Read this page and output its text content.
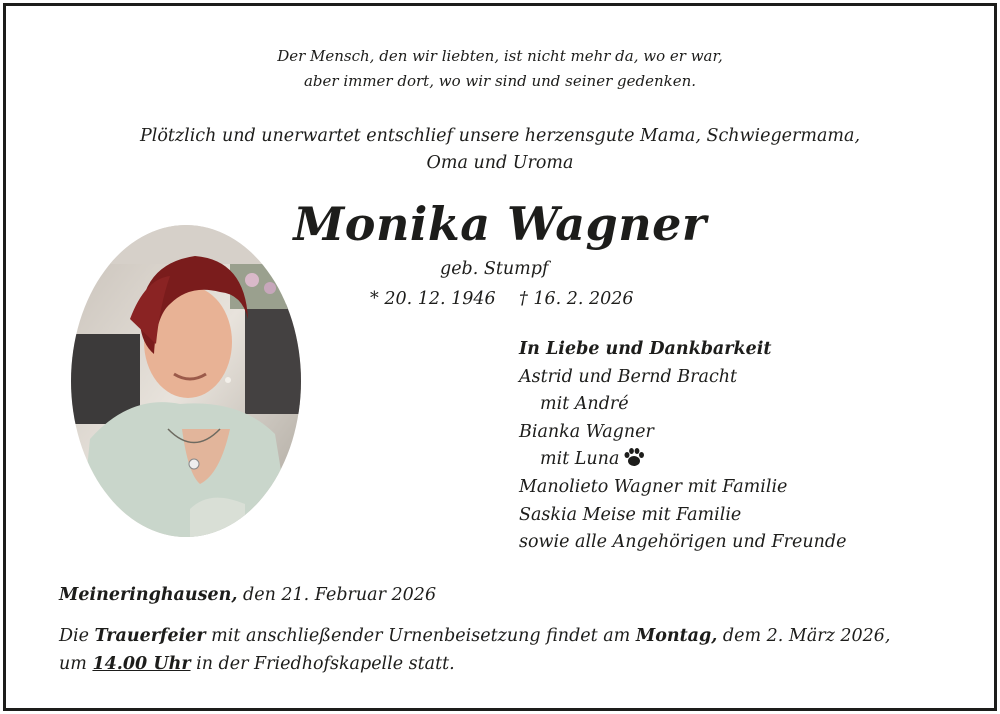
Der Mensch, den wir liebten, ist nicht mehr da, wo er war,
aber immer dort, wo wir sind und seiner gedenken.
Plötzlich und unerwartet entschlief unsere herzensgute Mama, Schwiegermama,
Oma und Uroma
Monika Wagner
geb. Stumpf
* 20. 12. 1946 † 16. 2. 2026
In Liebe und Dankbarkeit
Astrid und Bernd Bracht
mit André
Bianka Wagner
mit Luna
Manolieto Wagner mit Familie
Saskia Meise mit Familie
sowie alle Angehörigen und Freunde
Meineringhausen, den 21. Februar 2026
Die Trauerfeier mit anschließender Urnenbeisetzung findet am Montag, dem 2. März 2026,
um 14.00 Uhr in der Friedhofskapelle statt.
